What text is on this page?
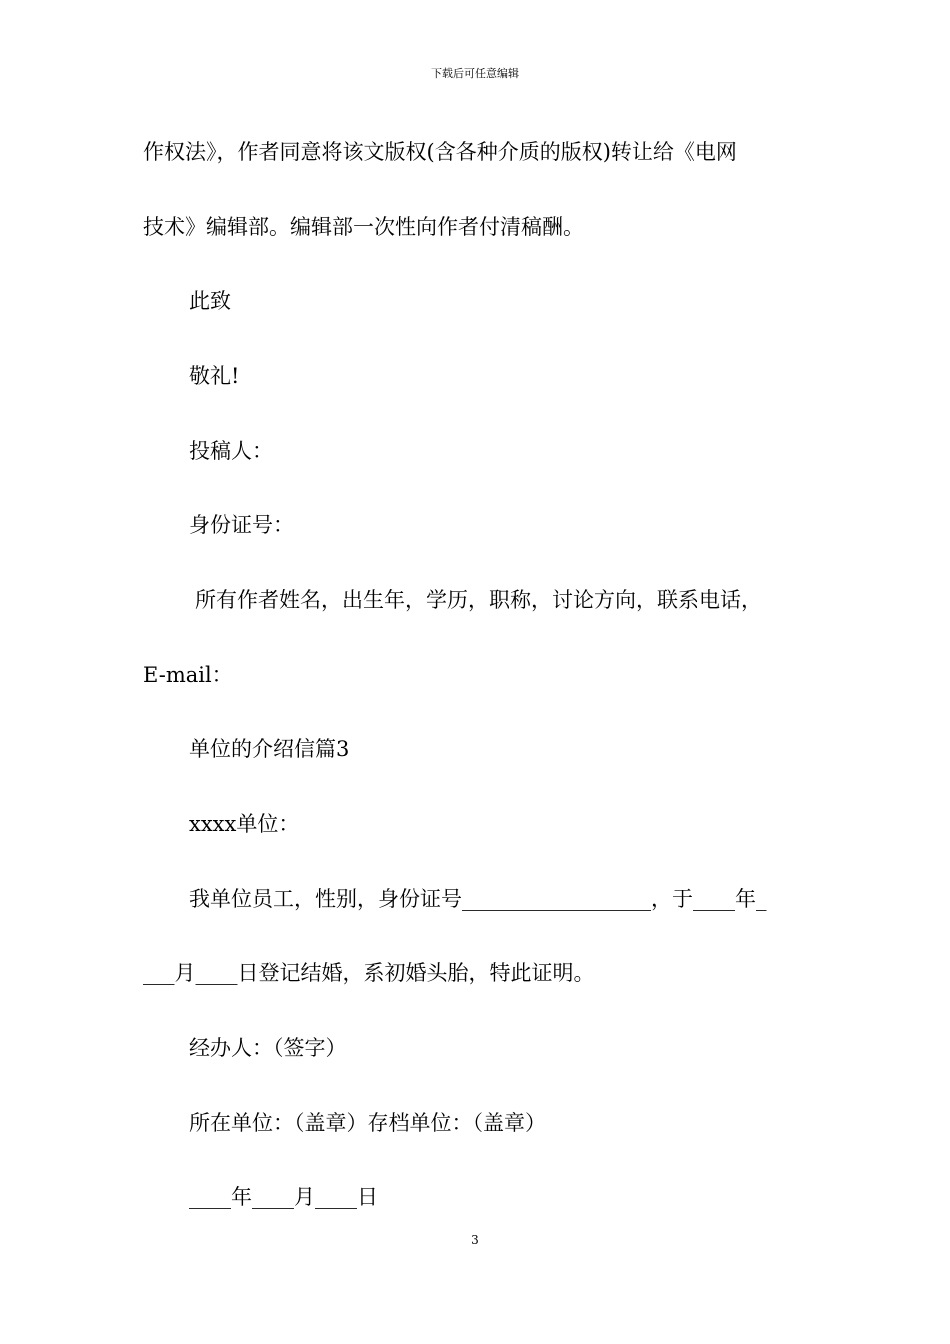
下载后可任意编辑
作权法》，作者同意将该文版权(含各种介质的版权)转让给《电网
技术》编辑部。编辑部一次性向作者付清稿酬。
此致
敬礼!
投稿人：
身份证号：
所有作者姓名，出生年，学历，职称，讨论方向，联系电话，
E-mail：
单位的介绍信篇3
xxxx单位：
我单位员工，性别，身份证号__________________，于____年_
___月____日登记结婚，系初婚头胎，特此证明。
经办人：（签字）
所在单位：（盖章）存档单位：（盖章）
____年____月____日
3
